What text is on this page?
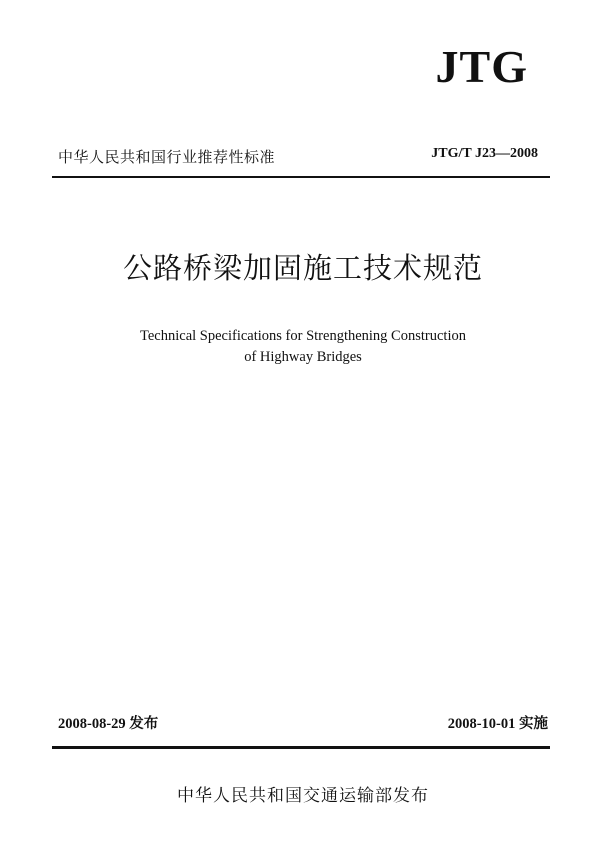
JTG
中华人民共和国行业推荐性标准	JTG/T J23—2008
公路桥梁加固施工技术规范
Technical Specifications for Strengthening Construction
of Highway Bridges
2008-08-29 发布	2008-10-01 实施
中华人民共和国交通运输部发布
